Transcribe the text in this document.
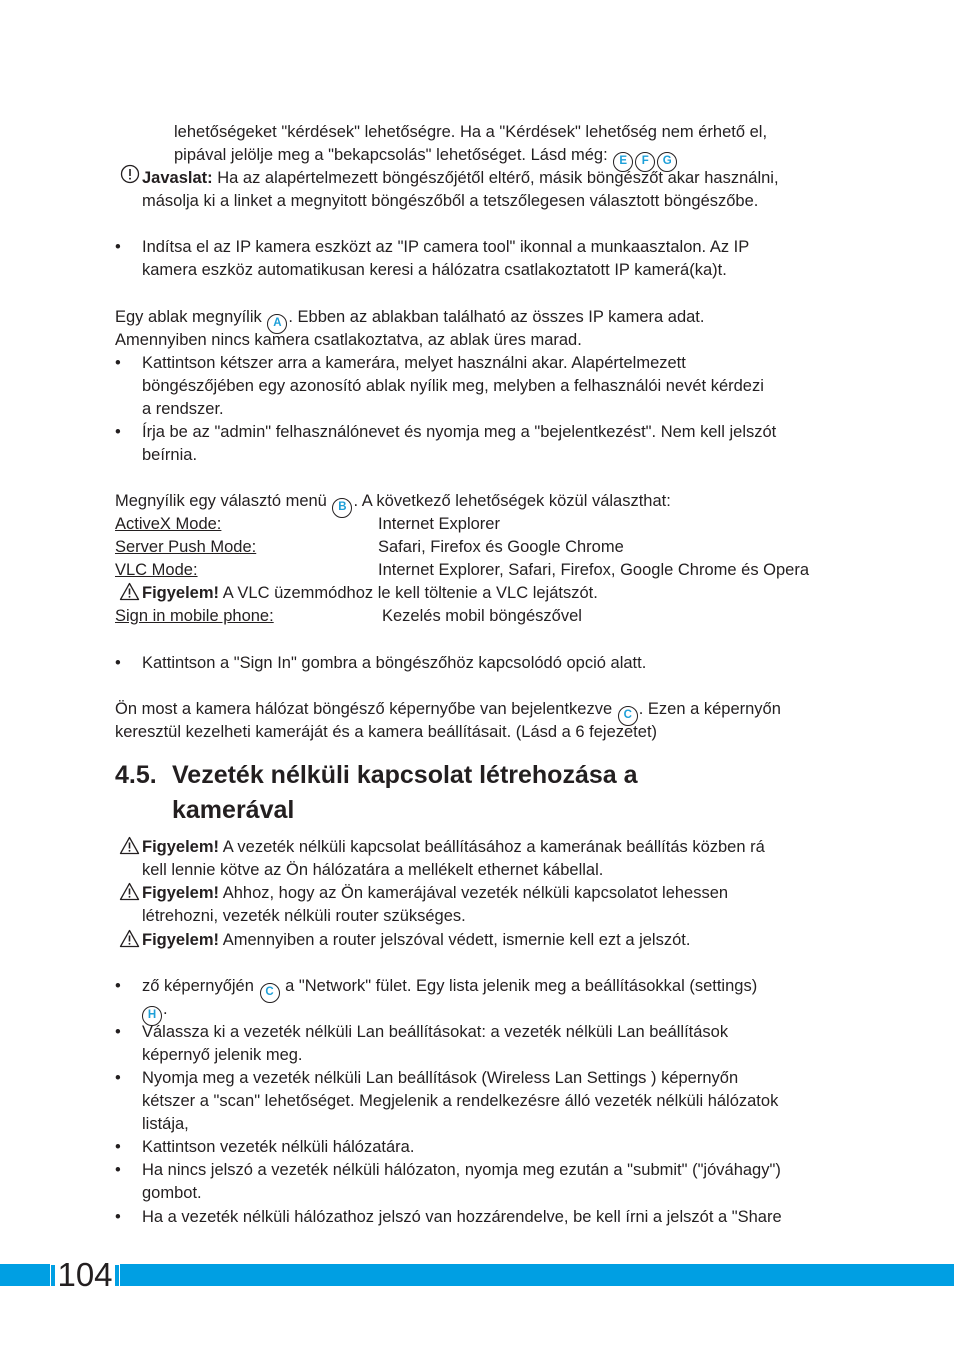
lehetőségeket "kérdések" lehetőségre. Ha a "Kérdések" lehetőség nem érhető el,
pipával jelölje meg a "bekapcsolás" lehetőséget. Lásd még: E F G
Javaslat: Ha az alapértelmezett böngészőjétől eltérő, másik böngészőt akar használni,
másolja ki a linket a megnyitott böngészőből a tetszőlegesen választott böngészőbe.
• Indítsa el az IP kamera eszközt az "IP camera tool" ikonnal a munkaasztalon. Az IP
kamera eszköz automatikusan keresi a hálózatra csatlakoztatott IP kamerá(ka)t.
Egy ablak megnyílik A . Ebben az ablakban található az összes IP kamera adat.
Amennyiben nincs kamera csatlakoztatva, az ablak üres marad.
• Kattintson kétszer arra a kamerára, melyet használni akar. Alapértelmezett
böngészőjében egy azonosító ablak nyílik meg, melyben a felhasználói nevét kérdezi
a rendszer.
• Írja be az "admin" felhasználónevet és nyomja meg a "bejelentkezést". Nem kell jelszót
beírnia.
Megnyílik egy választó menü B . A következő lehetőségek közül választhat:
ActiveX Mode:	Internet Explorer
Server Push Mode:	Safari, Firefox és Google Chrome
VLC Mode:	Internet Explorer, Safari, Firefox, Google Chrome és Opera
Figyelem! A VLC üzemmódhoz le kell töltenie a VLC lejátszót.
Sign in mobile phone:	Kezelés mobil böngészővel
• Kattintson a "Sign In" gombra a böngészőhöz kapcsolódó opció alatt.
Ön most a kamera hálózat böngésző képernyőbe van bejelentkezve C . Ezen a képernyőn
keresztül kezelheti kameráját és a kamera beállításait. (Lásd a 6 fejezetet)
4.5. Vezeték nélküli kapcsolat létrehozása a
kamerával
Figyelem! A vezeték nélküli kapcsolat beállításához a kamerának beállítás közben rá
kell lennie kötve az Ön hálózatára a mellékelt ethernet kábellal.
Figyelem! Ahhoz, hogy az Ön kamerájával vezeték nélküli kapcsolatot lehessen
létrehozni, vezeték nélküli router szükséges.
Figyelem! Amennyiben a router jelszóval védett, ismernie kell ezt a jelszót.
• ző képernyőjén C a "Network" fület. Egy lista jelenik meg a beállításokkal (settings)
H .
• Válassza ki a vezeték nélküli Lan beállításokat: a vezeték nélküli Lan beállítások
képernyő jelenik meg.
• Nyomja meg a vezeték nélküli Lan beállítások (Wireless Lan Settings ) képernyőn
kétszer a "scan" lehetőséget. Megjelenik a rendelkezésre álló vezeték nélküli hálózatok
listája,
• Kattintson vezeték nélküli hálózatára.
• Ha nincs jelszó a vezeték nélküli hálózaton, nyomja meg ezután a "submit" ("jóváhagy")
gombot.
• Ha a vezeték nélküli hálózathoz jelszó van hozzárendelve, be kell írni a jelszót a "Share
104
